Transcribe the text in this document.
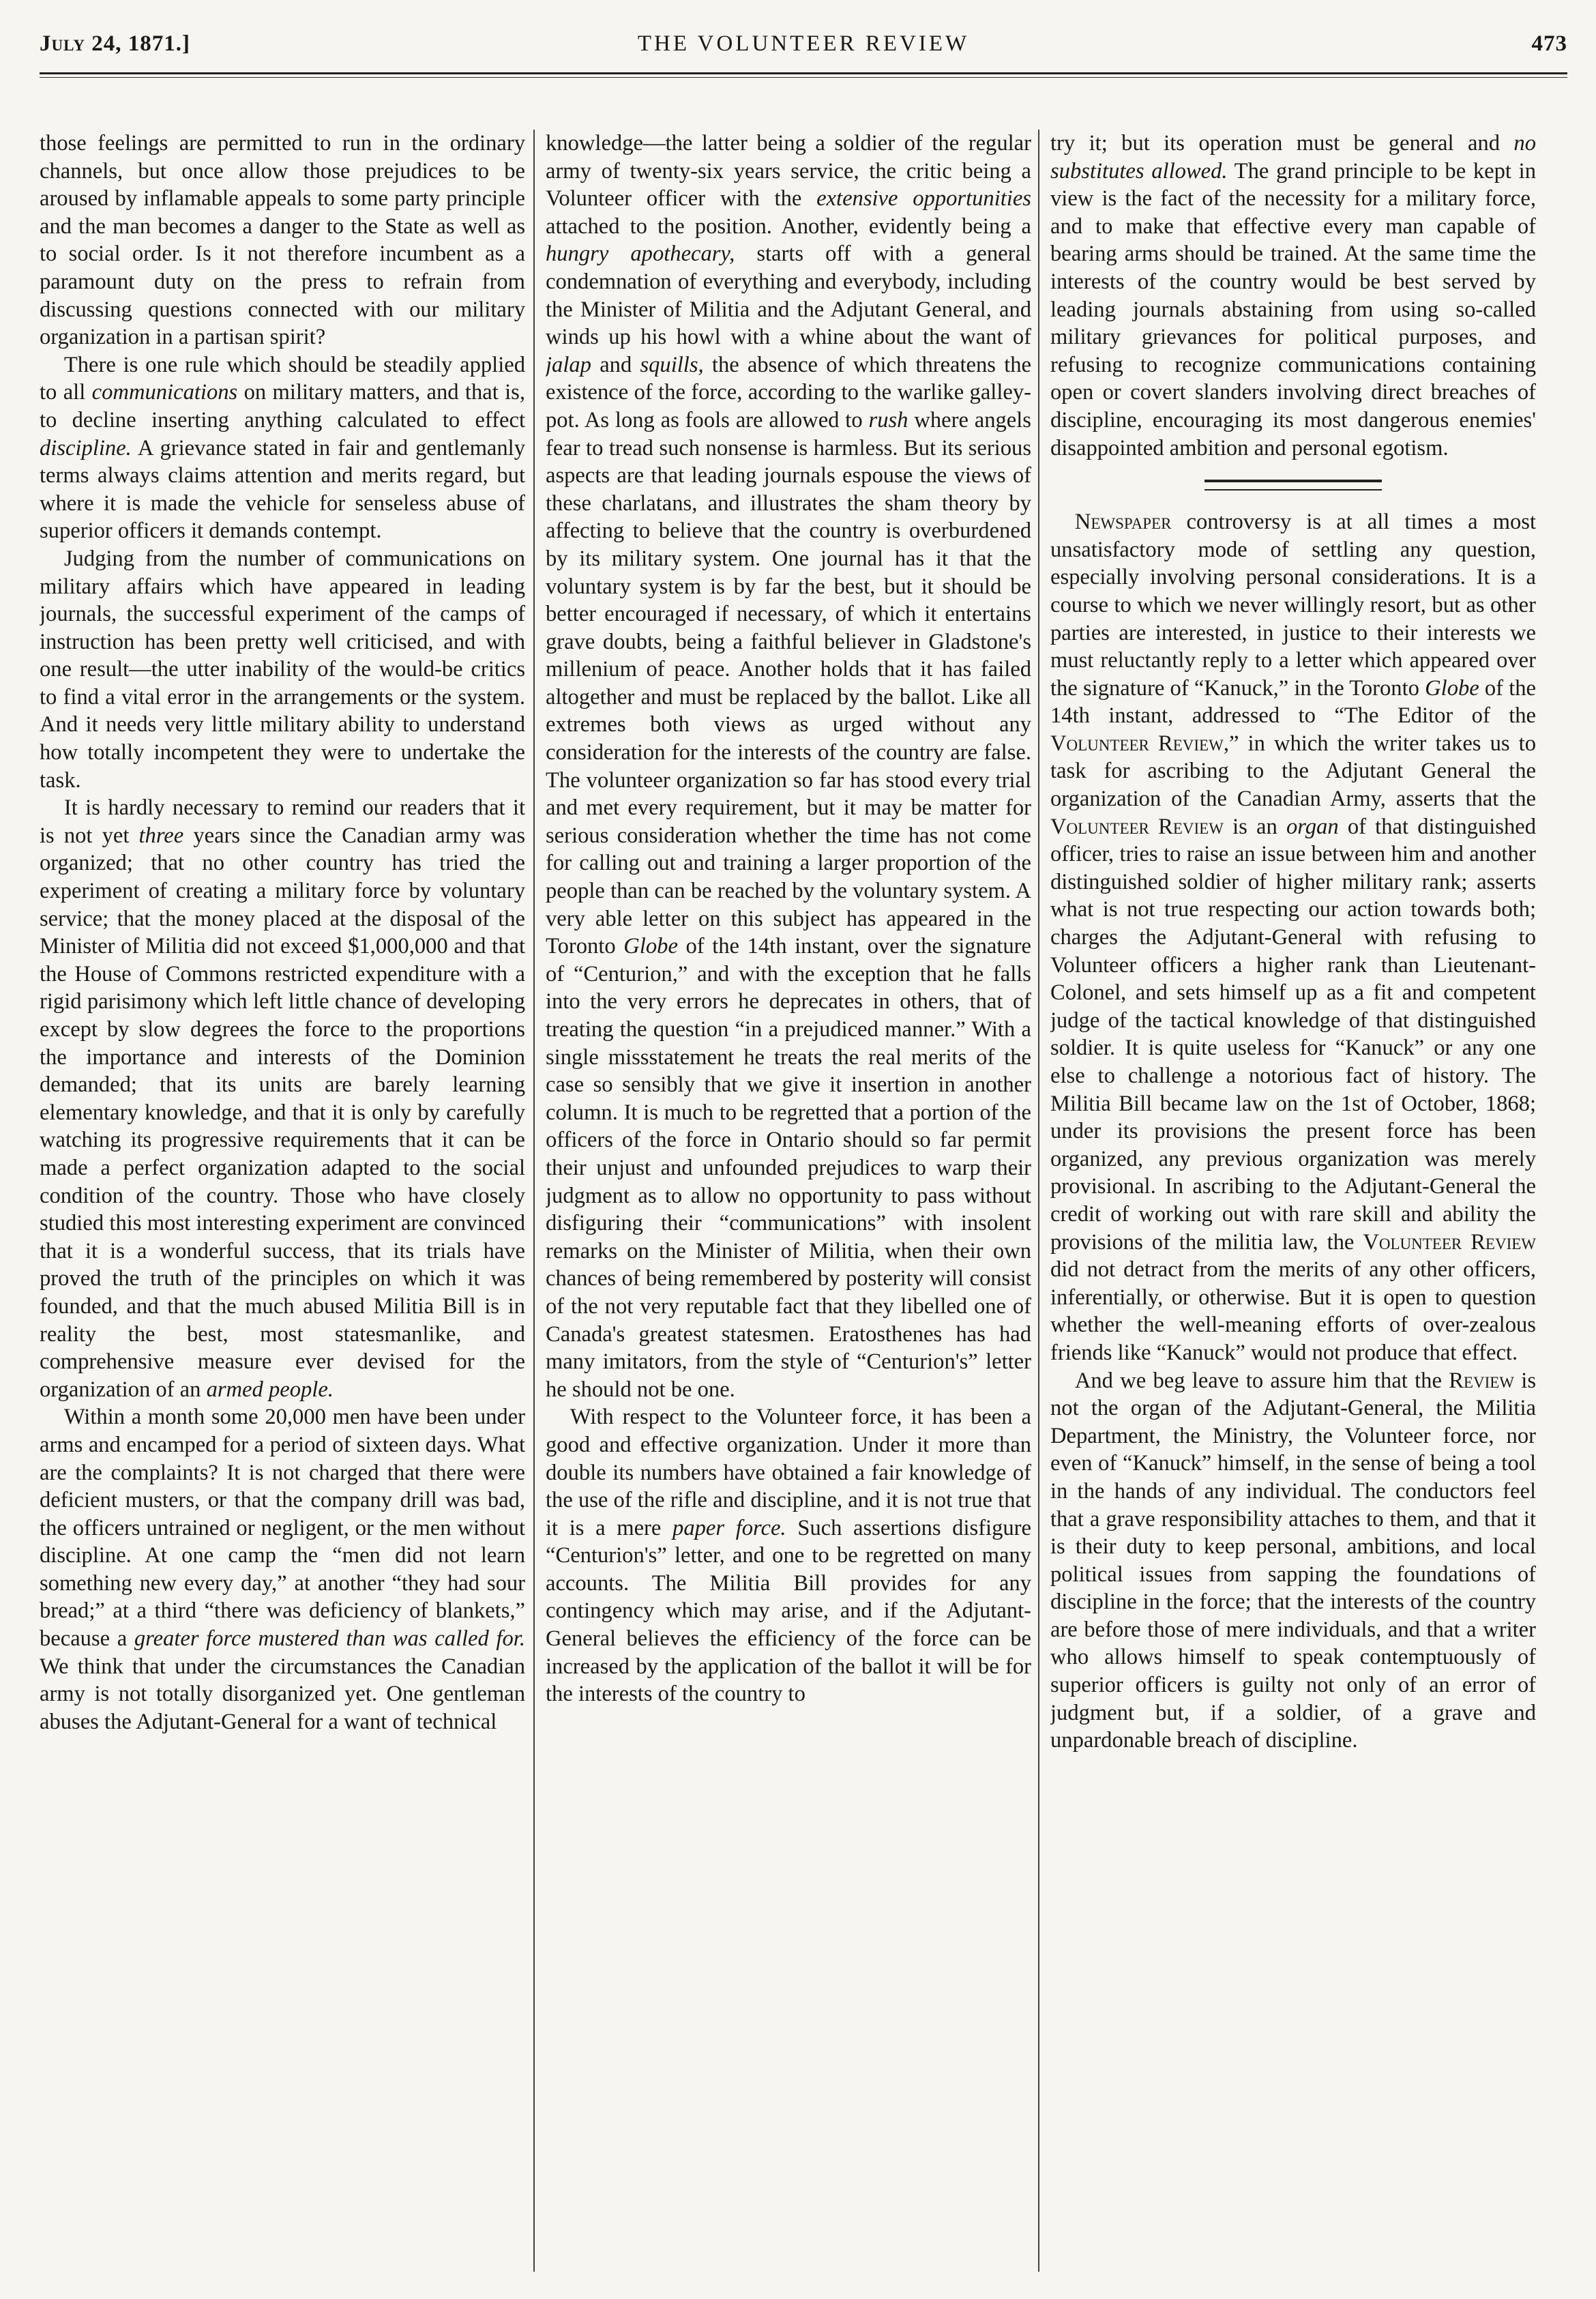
July 24, 1871.]	THE VOLUNTEER REVIEW	473

those feelings are permitted to run in the ordinary channels, but once allow those prejudices to be aroused by inflamable appeals to some party principle and the man becomes a danger to the State as well as to social order. Is it not therefore incumbent as a paramount duty on the press to refrain from discussing questions connected with our military organization in a partisan spirit?

There is one rule which should be steadily applied to all communications on military matters, and that is, to decline inserting anything calculated to effect discipline. A grievance stated in fair and gentlemanly terms always claims attention and merits regard, but where it is made the vehicle for senseless abuse of superior officers it demands contempt.

Judging from the number of communications on military affairs which have appeared in leading journals, the successful experiment of the camps of instruction has been pretty well criticised, and with one result—the utter inability of the would-be critics to find a vital error in the arrangements or the system. And it needs very little military ability to understand how totally incompetent they were to undertake the task.

It is hardly necessary to remind our readers that it is not yet three years since the Canadian army was organized; that no other country has tried the experiment of creating a military force by voluntary service; that the money placed at the disposal of the Minister of Militia did not exceed $1,000,000 and that the House of Commons restricted expenditure with a rigid parisimony which left little chance of developing except by slow degrees the force to the proportions the importance and interests of the Dominion demanded; that its units are barely learning elementary knowledge, and that it is only by carefully watching its progressive requirements that it can be made a perfect organization adapted to the social condition of the country. Those who have closely studied this most interesting experiment are convinced that it is a wonderful success, that its trials have proved the truth of the principles on which it was founded, and that the much abused Militia Bill is in reality the best, most statesmanlike, and comprehensive measure ever devised for the organization of an armed people.

Within a month some 20,000 men have been under arms and encamped for a period of sixteen days. What are the complaints? It is not charged that there were deficient musters, or that the company drill was bad, the officers untrained or negligent, or the men without discipline. At one camp the “men did not learn something new every day,” at another “they had sour bread;” at a third “there was deficiency of blankets,” because a greater force mustered than was called for. We think that under the circumstances the Canadian army is not totally disorganized yet. One gentleman abuses the Adjutant-General for a want of technical

knowledge—the latter being a soldier of the regular army of twenty-six years service, the critic being a Volunteer officer with the extensive opportunities attached to the position. Another, evidently being a hungry apothecary, starts off with a general condemnation of everything and everybody, including the Minister of Militia and the Adjutant General, and winds up his howl with a whine about the want of jalap and squills, the absence of which threatens the existence of the force, according to the warlike galley-pot. As long as fools are allowed to rush where angels fear to tread such nonsense is harmless. But its serious aspects are that leading journals espouse the views of these charlatans, and illustrates the sham theory by affecting to believe that the country is overburdened by its military system. One journal has it that the voluntary system is by far the best, but it should be better encouraged if necessary, of which it entertains grave doubts, being a faithful believer in Gladstone's millenium of peace. Another holds that it has failed altogether and must be replaced by the ballot. Like all extremes both views as urged without any consideration for the interests of the country are false. The volunteer organization so far has stood every trial and met every requirement, but it may be matter for serious consideration whether the time has not come for calling out and training a larger proportion of the people than can be reached by the voluntary system. A very able letter on this subject has appeared in the Toronto Globe of the 14th instant, over the signature of “Centurion,” and with the exception that he falls into the very errors he deprecates in others, that of treating the question “in a prejudiced manner.” With a single missstatement he treats the real merits of the case so sensibly that we give it insertion in another column. It is much to be regretted that a portion of the officers of the force in Ontario should so far permit their unjust and unfounded prejudices to warp their judgment as to allow no opportunity to pass without disfiguring their “communications” with insolent remarks on the Minister of Militia, when their own chances of being remembered by posterity will consist of the not very reputable fact that they libelled one of Canada's greatest statesmen. Eratosthenes has had many imitators, from the style of “Centurion's” letter he should not be one.

With respect to the Volunteer force, it has been a good and effective organization. Under it more than double its numbers have obtained a fair knowledge of the use of the rifle and discipline, and it is not true that it is a mere paper force. Such assertions disfigure “Centurion's” letter, and one to be regretted on many accounts. The Militia Bill provides for any contingency which may arise, and if the Adjutant-General believes the efficiency of the force can be increased by the application of the ballot it will be for the interests of the country to

try it; but its operation must be general and no substitutes allowed. The grand principle to be kept in view is the fact of the necessity for a military force, and to make that effective every man capable of bearing arms should be trained. At the same time the interests of the country would be best served by leading journals abstaining from using so-called military grievances for political purposes, and refusing to recognize communications containing open or covert slanders involving direct breaches of discipline, encouraging its most dangerous enemies' disappointed ambition and personal egotism.

Newspaper controversy is at all times a most unsatisfactory mode of settling any question, especially involving personal considerations. It is a course to which we never willingly resort, but as other parties are interested, in justice to their interests we must reluctantly reply to a letter which appeared over the signature of “Kanuck,” in the Toronto Globe of the 14th instant, addressed to “The Editor of the Volunteer Review,” in which the writer takes us to task for ascribing to the Adjutant General the organization of the Canadian Army, asserts that the Volunteer Review is an organ of that distinguished officer, tries to raise an issue between him and another distinguished soldier of higher military rank; asserts what is not true respecting our action towards both; charges the Adjutant-General with refusing to Volunteer officers a higher rank than Lieutenant-Colonel, and sets himself up as a fit and competent judge of the tactical knowledge of that distinguished soldier. It is quite useless for “Kanuck” or any one else to challenge a notorious fact of history. The Militia Bill became law on the 1st of October, 1868; under its provisions the present force has been organized, any previous organization was merely provisional. In ascribing to the Adjutant-General the credit of working out with rare skill and ability the provisions of the militia law, the Volunteer Review did not detract from the merits of any other officers, inferentially, or otherwise. But it is open to question whether the well-meaning efforts of over-zealous friends like “Kanuck” would not produce that effect.

And we beg leave to assure him that the Review is not the organ of the Adjutant-General, the Militia Department, the Ministry, the Volunteer force, nor even of “Kanuck” himself, in the sense of being a tool in the hands of any individual. The conductors feel that a grave responsibility attaches to them, and that it is their duty to keep personal, ambitions, and local political issues from sapping the foundations of discipline in the force; that the interests of the country are before those of mere individuals, and that a writer who allows himself to speak contemptuously of superior officers is guilty not only of an error of judgment but, if a soldier, of a grave and unpardonable breach of discipline.
